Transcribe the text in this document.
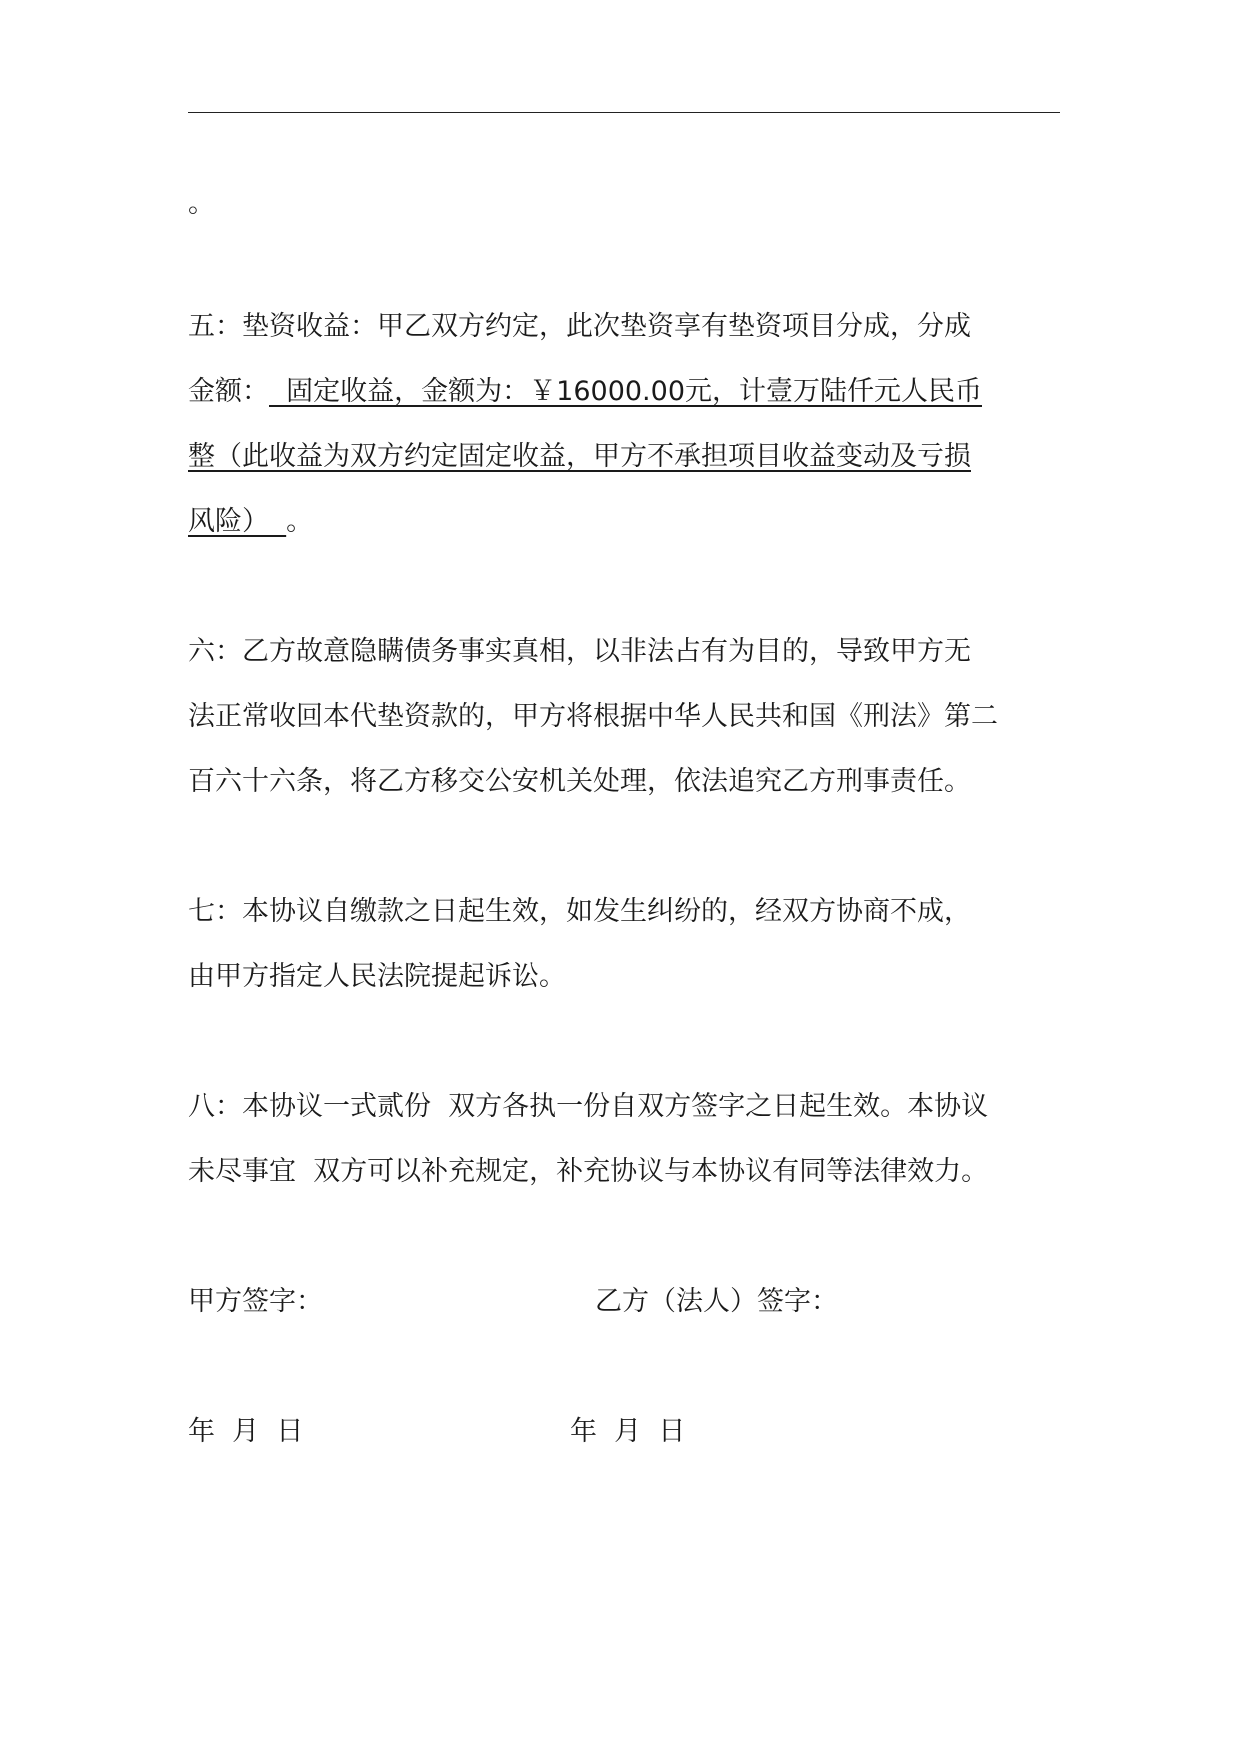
。
五：垫资收益：甲乙双方约定，此次垫资享有垫资项目分成，分成
金额：  固定收益，金额为：￥16000.00元，计壹万陆仟元人民币
整（此收益为双方约定固定收益，甲方不承担项目收益变动及亏损
风险）  。
六：乙方故意隐瞒债务事实真相，以非法占有为目的，导致甲方无
法正常收回本代垫资款的，甲方将根据中华人民共和国《刑法》第二
百六十六条，将乙方移交公安机关处理，依法追究乙方刑事责任。
七：本协议自缴款之日起生效，如发生纠纷的，经双方协商不成，
由甲方指定人民法院提起诉讼。
八：本协议一式贰份  双方各执一份自双方签字之日起生效。本协议
未尽事宜  双方可以补充规定，补充协议与本协议有同等法律效力。
甲方签字：	乙方（法人）签字：
年  月  日	年  月  日
